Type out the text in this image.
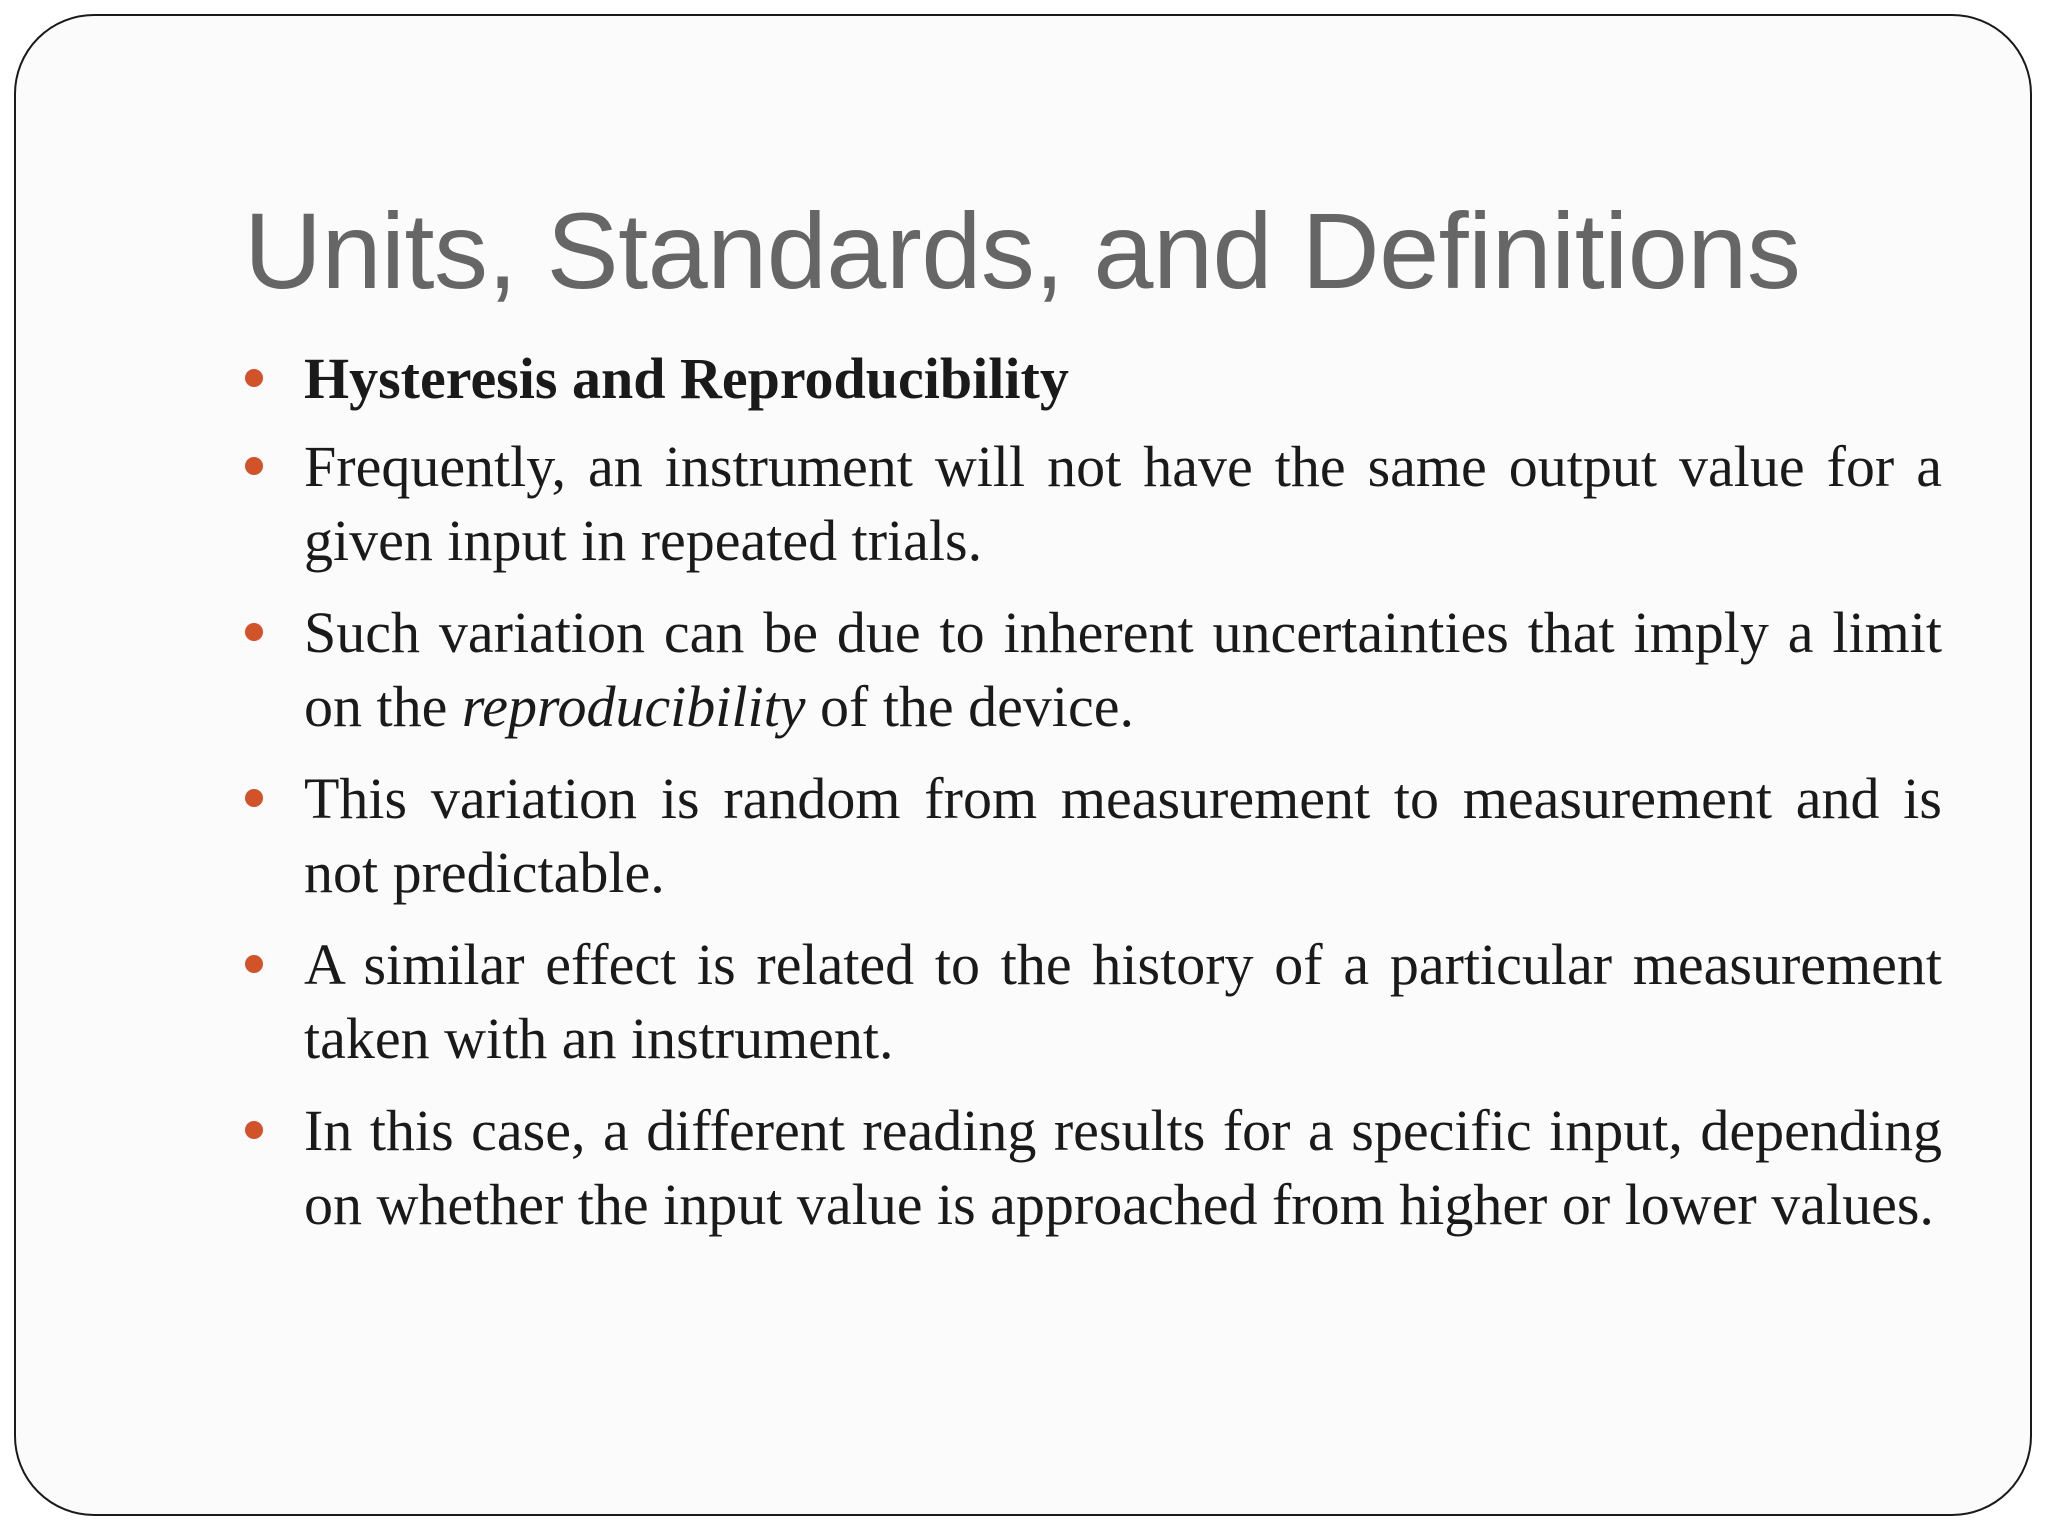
Units, Standards, and Definitions
Hysteresis and Reproducibility
Frequently, an instrument will not have the same output value for a given input in repeated trials.
Such variation can be due to inherent uncertainties that imply a limit on the reproducibility of the device.
This variation is random from measurement to measurement and is not predictable.
A similar effect is related to the history of a particular measurement taken with an instrument.
In this case, a different reading results for a specific input, depending on whether the input value is approached from higher or lower values.
